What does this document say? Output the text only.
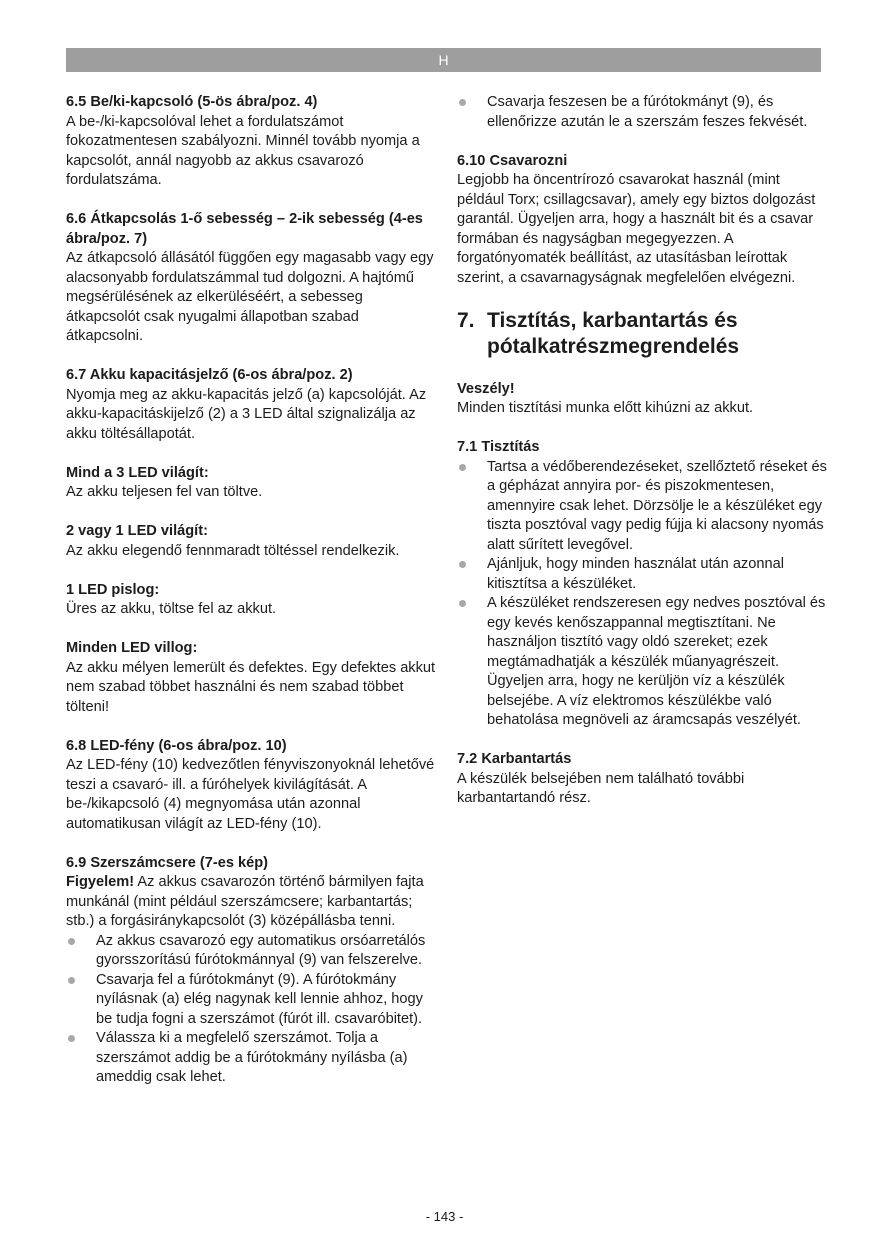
H

6.5 Be/ki-kapcsoló (5-ös ábra/poz. 4)

A be-/ki-kapcsolóval lehet a fordulatszámot fokozatmentesen szabályozni. Minnél tovább nyomja a kapcsolót, annál nagyobb az akkus csavarozó fordulatszáma.

6.6 Átkapcsolás 1-ő sebesség – 2-ik sebesség (4-es ábra/poz. 7)

Az átkapcsoló állásától függően egy magasabb vagy egy alacsonyabb fordulatszámmal tud dolgozni. A hajtómű megsérülésének az elkerüléséért, a sebesseg átkapcsolót csak nyugalmi állapotban szabad átkapcsolni.

6.7 Akku kapacitásjelző (6-os ábra/poz. 2)

Nyomja meg az akku-kapacitás jelző (a) kapcsolóját. Az akku-kapacitáskijelző (2) a 3 LED által szignalizálja az akku töltésállapotát.

Mind a 3 LED világít:

Az akku teljesen fel van töltve.

2 vagy 1 LED világít:

Az akku elegendő fennmaradt töltéssel rendelkezik.

1 LED pislog:

Üres az akku, töltse fel az akkut.

Minden LED villog:

Az akku mélyen lemerült és defektes. Egy defektes akkut nem szabad többet használni és nem szabad többet tölteni!

6.8 LED-fény (6-os ábra/poz. 10)

Az LED-fény (10) kedvezőtlen fényviszonyoknál lehetővé teszi a csavaró- ill. a fúróhelyek kivilágítását. A be-/kikapcsoló (4) megnyomása után azonnal automatikusan világít az LED-fény (10).

6.9 Szerszámcsere (7-es kép)

Figyelem! Az akkus csavarozón történő bármilyen fajta munkánál (mint például szerszámcsere; karbantartás; stb.) a forgásiránykapcsolót (3) középállásba tenni.

Az akkus csavarozó egy automatikus orsóarretálós gyorsszorítású fúrótokmánnyal (9) van felszerelve.
Csavarja fel a fúrótokmányt (9). A fúrótokmány nyílásnak (a) elég nagynak kell lennie ahhoz, hogy be tudja fogni a szerszámot (fúrót ill. csavaróbitet).
Válassza ki a megfelelő szerszámot. Tolja a szerszámot addig be a fúrótokmány nyílásba (a) ameddig csak lehet.
Csavarja feszesen be a fúrótokmányt (9), és ellenőrizze azután le a szerszám feszes fekvését.

6.10 Csavarozni

Legjobb ha öncentrírozó csavarokat használ (mint például Torx; csillagcsavar), amely egy biztos dolgozást garantál. Ügyeljen arra, hogy a használt bit és a csavar formában és nagyságban megegyezzen. A forgatónyomaték beállítást, az utasításban leírottak szerint, a csavarnagyságnak megfelelően elvégezni.

7. Tisztítás, karbantartás és pótalkatrészmegrendelés

Veszély!

Minden tisztítási munka előtt kihúzni az akkut.

7.1 Tisztítás

Tartsa a védőberendezéseket, szellőztető réseket és a gépházat annyira por- és piszokmentesen, amennyire csak lehet. Dörzsölje le a készüléket egy tiszta posztóval vagy pedig fújja ki alacsony nyomás alatt sűrített levegővel.
Ajánljuk, hogy minden használat után azonnal kitisztítsa a készüléket.
A készüléket rendszeresen egy nedves posztóval és egy kevés kenőszappannal megtisztítani. Ne használjon tisztító vagy oldó szereket; ezek megtámadhatják a készülék műanyagrészeit. Ügyeljen arra, hogy ne kerüljön víz a készülék belsejébe. A víz elektromos készülékbe való behatolása megnöveli az áramcsapás veszélyét.

7.2 Karbantartás

A készülék belsejében nem található további karbantartandó rész.

- 143 -
